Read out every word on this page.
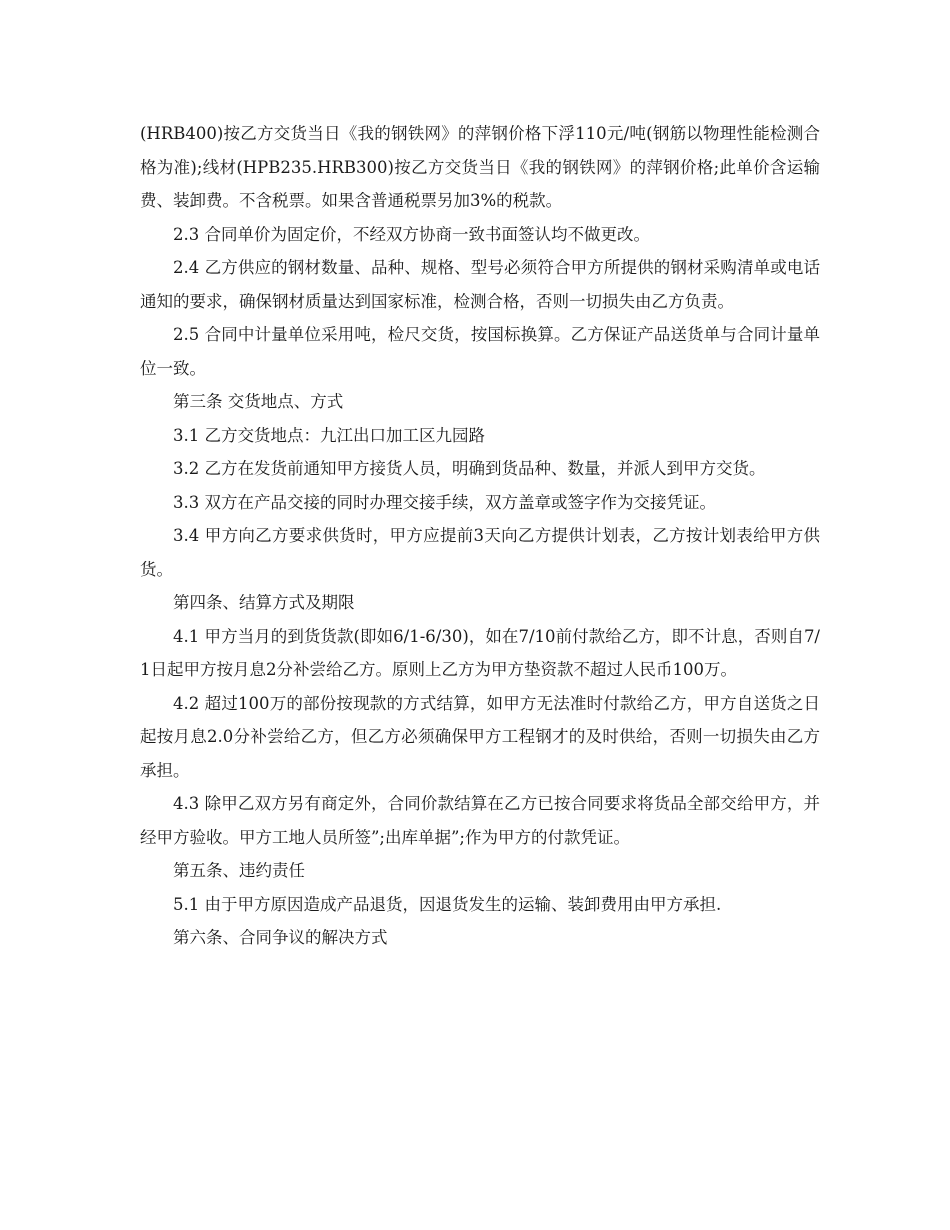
(HRB400)按乙方交货当日《我的钢铁网》的萍钢价格下浮110元/吨(钢筋以物理性能检测合格为准);线材(HPB235.HRB300)按乙方交货当日《我的钢铁网》的萍钢价格;此单价含运输费、装卸费。不含税票。如果含普通税票另加3%的税款。

2.3 合同单价为固定价，不经双方协商一致书面签认均不做更改。

2.4 乙方供应的钢材数量、品种、规格、型号必须符合甲方所提供的钢材采购清单或电话通知的要求，确保钢材质量达到国家标准，检测合格，否则一切损失由乙方负责。

2.5 合同中计量单位采用吨，检尺交货，按国标换算。乙方保证产品送货单与合同计量单位一致。

第三条 交货地点、方式

3.1 乙方交货地点：九江出口加工区九园路

3.2 乙方在发货前通知甲方接货人员，明确到货品种、数量，并派人到甲方交货。

3.3 双方在产品交接的同时办理交接手续，双方盖章或签字作为交接凭证。

3.4 甲方向乙方要求供货时，甲方应提前3天向乙方提供计划表，乙方按计划表给甲方供货。

第四条、结算方式及期限

4.1 甲方当月的到货货款(即如6/1-6/30)，如在7/10前付款给乙方，即不计息，否则自7/1日起甲方按月息2分补尝给乙方。原则上乙方为甲方垫资款不超过人民币100万。

4.2 超过100万的部份按现款的方式结算，如甲方无法准时付款给乙方，甲方自送货之日起按月息2.0分补尝给乙方，但乙方必须确保甲方工程钢才的及时供给，否则一切损失由乙方承担。

4.3 除甲乙双方另有商定外，合同价款结算在乙方已按合同要求将货品全部交给甲方，并经甲方验收。甲方工地人员所签”;出库单据”;作为甲方的付款凭证。

第五条、违约责任

5.1 由于甲方原因造成产品退货，因退货发生的运输、装卸费用由甲方承担.

第六条、合同争议的解决方式
